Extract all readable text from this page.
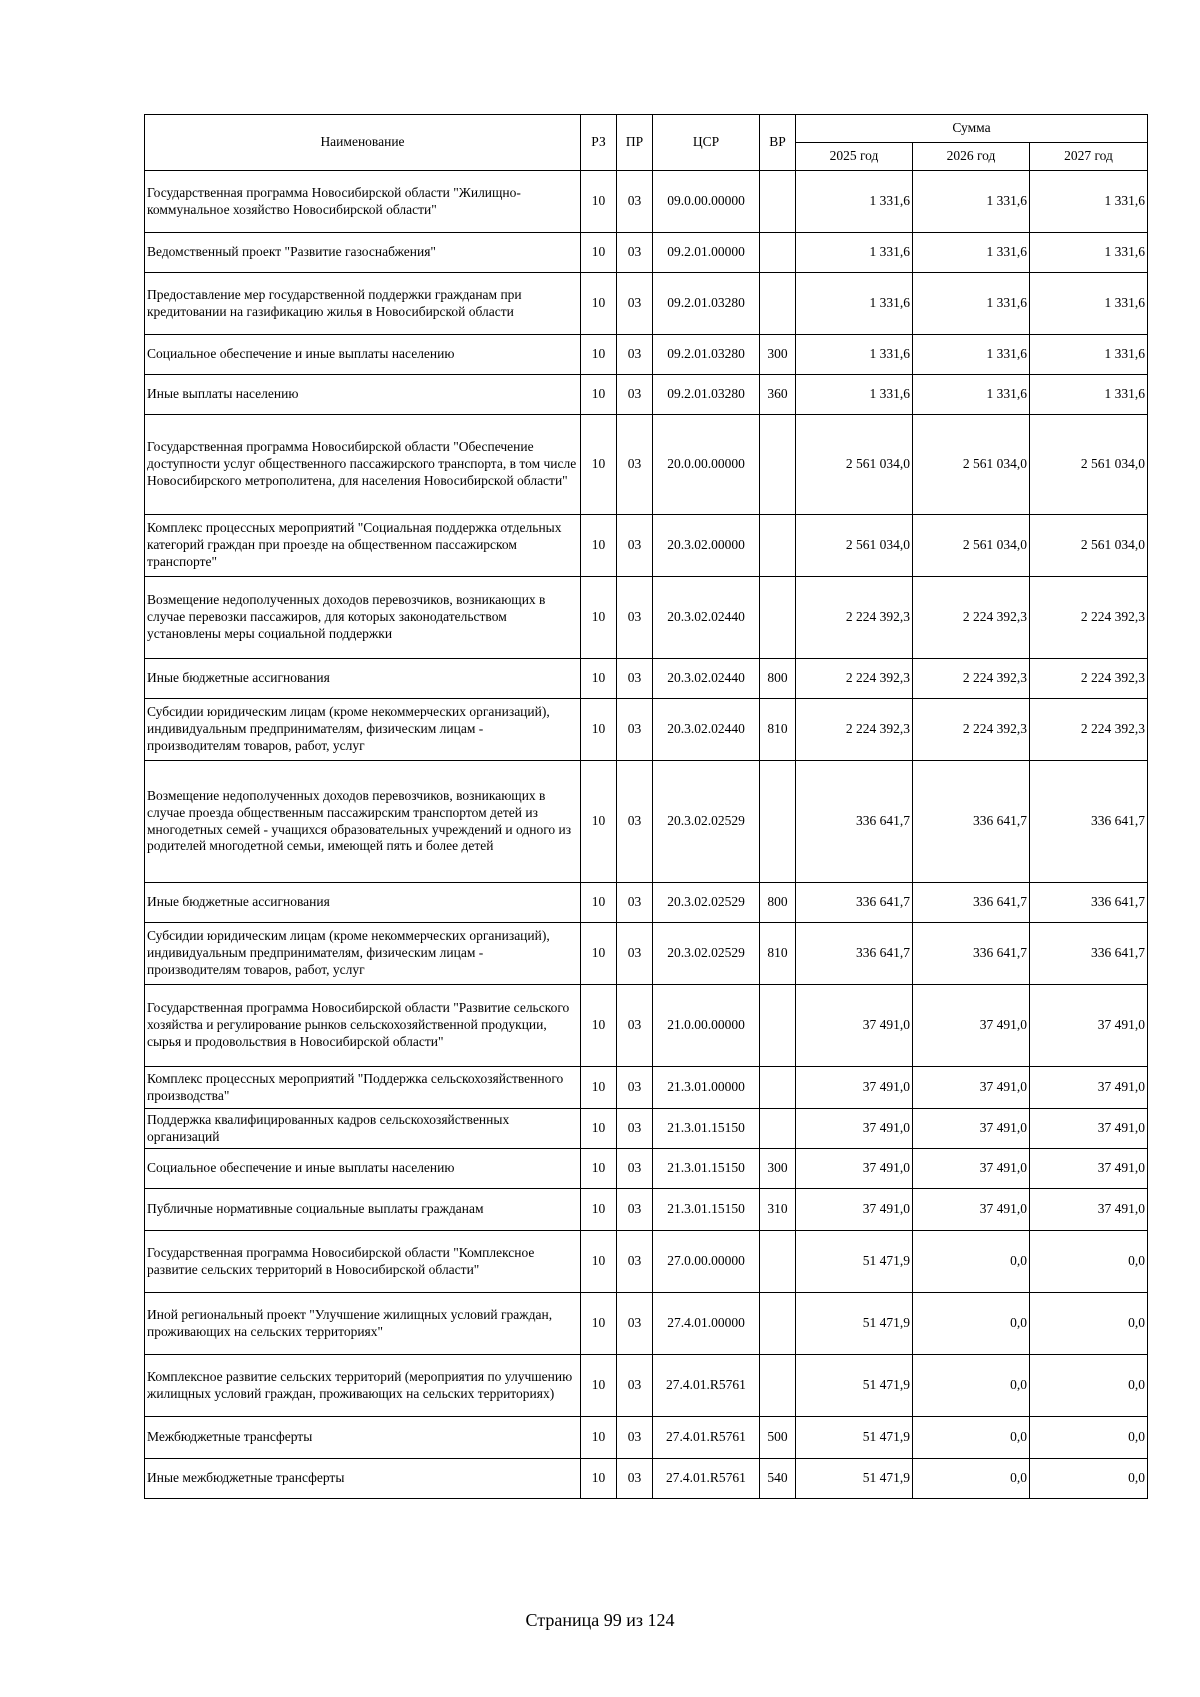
Наименование	РЗ	ПР	ЦСР	ВР	Сумма		
					2025 год	2026 год	2027 год
Государственная программа Новосибирской области "Жилищно-коммунальное хозяйство Новосибирской области"	10	03	09.0.00.00000		1 331,6	1 331,6	1 331,6
Ведомственный проект "Развитие газоснабжения"	10	03	09.2.01.00000		1 331,6	1 331,6	1 331,6
Предоставление мер государственной поддержки гражданам при кредитовании на газификацию жилья в Новосибирской области	10	03	09.2.01.03280		1 331,6	1 331,6	1 331,6
Социальное обеспечение и иные выплаты населению	10	03	09.2.01.03280	300	1 331,6	1 331,6	1 331,6
Иные выплаты населению	10	03	09.2.01.03280	360	1 331,6	1 331,6	1 331,6
Государственная программа Новосибирской области "Обеспечение доступности услуг общественного пассажирского транспорта, в том числе Новосибирского метрополитена, для населения Новосибирской области"	10	03	20.0.00.00000		2 561 034,0	2 561 034,0	2 561 034,0
Комплекс процессных мероприятий "Социальная поддержка отдельных категорий граждан при проезде на общественном пассажирском транспорте"	10	03	20.3.02.00000		2 561 034,0	2 561 034,0	2 561 034,0
Возмещение недополученных доходов перевозчиков, возникающих в случае перевозки пассажиров, для которых законодательством установлены меры социальной поддержки	10	03	20.3.02.02440		2 224 392,3	2 224 392,3	2 224 392,3
Иные бюджетные ассигнования	10	03	20.3.02.02440	800	2 224 392,3	2 224 392,3	2 224 392,3
Субсидии юридическим лицам (кроме некоммерческих организаций), индивидуальным предпринимателям, физическим лицам - производителям товаров, работ, услуг	10	03	20.3.02.02440	810	2 224 392,3	2 224 392,3	2 224 392,3
Возмещение недополученных доходов перевозчиков, возникающих в случае проезда общественным пассажирским транспортом детей из многодетных семей - учащихся образовательных учреждений и одного из родителей многодетной семьи, имеющей пять и более детей	10	03	20.3.02.02529		336 641,7	336 641,7	336 641,7
Иные бюджетные ассигнования	10	03	20.3.02.02529	800	336 641,7	336 641,7	336 641,7
Субсидии юридическим лицам (кроме некоммерческих организаций), индивидуальным предпринимателям, физическим лицам - производителям товаров, работ, услуг	10	03	20.3.02.02529	810	336 641,7	336 641,7	336 641,7
Государственная программа Новосибирской области "Развитие сельского хозяйства и регулирование рынков сельскохозяйственной продукции, сырья и продовольствия в Новосибирской области"	10	03	21.0.00.00000		37 491,0	37 491,0	37 491,0
Комплекс процессных мероприятий "Поддержка сельскохозяйственного производства"	10	03	21.3.01.00000		37 491,0	37 491,0	37 491,0
Поддержка квалифицированных кадров сельскохозяйственных организаций	10	03	21.3.01.15150		37 491,0	37 491,0	37 491,0
Социальное обеспечение и иные выплаты населению	10	03	21.3.01.15150	300	37 491,0	37 491,0	37 491,0
Публичные нормативные социальные выплаты гражданам	10	03	21.3.01.15150	310	37 491,0	37 491,0	37 491,0
Государственная программа Новосибирской области "Комплексное развитие сельских территорий в Новосибирской области"	10	03	27.0.00.00000		51 471,9	0,0	0,0
Иной региональный проект "Улучшение жилищных условий граждан, проживающих на сельских территориях"	10	03	27.4.01.00000		51 471,9	0,0	0,0
Комплексное развитие сельских территорий (мероприятия по улучшению жилищных условий граждан, проживающих на сельских территориях)	10	03	27.4.01.R5761		51 471,9	0,0	0,0
Межбюджетные трансферты	10	03	27.4.01.R5761	500	51 471,9	0,0	0,0
Иные межбюджетные трансферты	10	03	27.4.01.R5761	540	51 471,9	0,0	0,0
Страница 99 из 124
